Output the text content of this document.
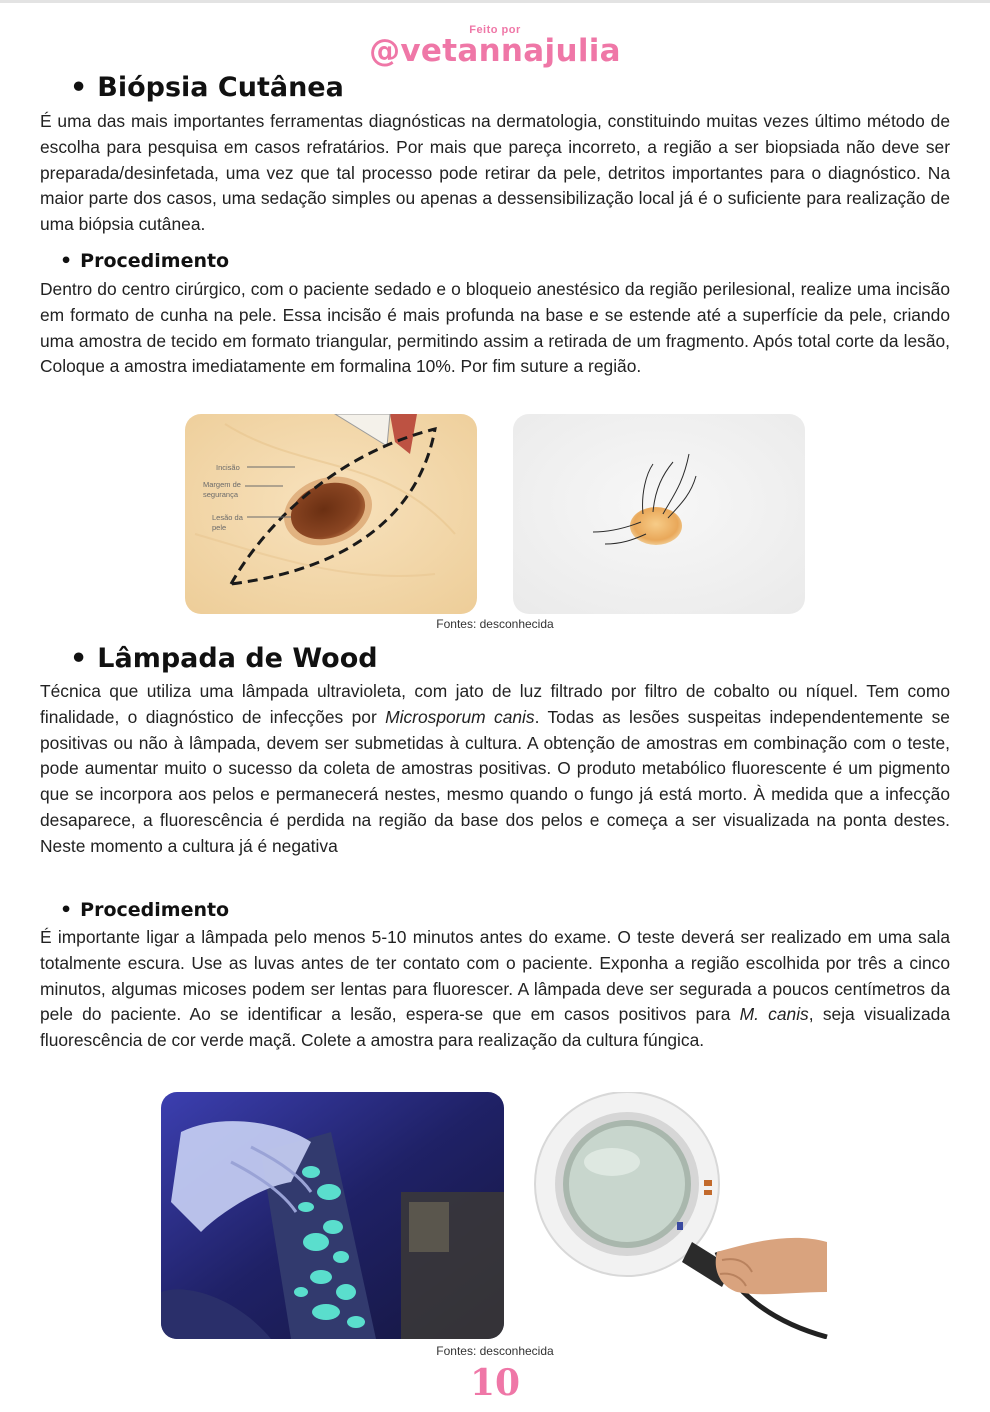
Feito por
@vetannajulia
• Biópsia Cutânea
É uma das mais importantes ferramentas diagnósticas na dermatologia, constituindo muitas vezes último método de escolha para pesquisa em casos refratários. Por mais que pareça incorreto, a região a ser biopsiada não deve ser preparada/desinfetada, uma vez que tal processo pode retirar da pele, detritos importantes para o diagnóstico. Na maior parte dos casos, uma sedação simples ou apenas a dessensibilização local já é o suficiente para realização de uma biópsia cutânea.
• Procedimento
Dentro do centro cirúrgico, com o paciente sedado e o bloqueio anestésico da região perilesional, realize uma incisão em formato de cunha na pele. Essa incisão é mais profunda na base e se estende até a superfície da pele, criando uma amostra de tecido em formato triangular, permitindo assim a retirada de um fragmento. Após total corte da lesão, Coloque a amostra imediatamente em formalina 10%. Por fim suture a região.
Incisão
Margem de
segurança
Lesão da
pele
Fontes: desconhecida
• Lâmpada de Wood
Técnica que utiliza uma lâmpada ultravioleta, com jato de luz filtrado por filtro de cobalto ou níquel. Tem como finalidade, o diagnóstico de infecções por Microsporum canis. Todas as lesões suspeitas independentemente se positivas ou não à lâmpada, devem ser submetidas à cultura. A obtenção de amostras em combinação com o teste, pode aumentar muito o sucesso da coleta de amostras positivas. O produto metabólico fluorescente é um pigmento que se incorpora aos pelos e permanecerá nestes, mesmo quando o fungo já está morto. À medida que a infecção desaparece, a fluorescência é perdida na região da base dos pelos e começa a ser visualizada na ponta destes. Neste momento a cultura já é negativa
• Procedimento
É importante ligar a lâmpada pelo menos 5-10 minutos antes do exame. O teste deverá ser realizado em uma sala totalmente escura. Use as luvas antes de ter contato com o paciente. Exponha a região escolhida por três a cinco minutos, algumas micoses podem ser lentas para fluorescer. A lâmpada deve ser segurada a poucos centímetros da pele do paciente. Ao se identificar a lesão, espera-se que em casos positivos para M. canis, seja visualizada fluorescência de cor verde maçã. Colete a amostra para realização da cultura fúngica.
Fontes: desconhecida
10
